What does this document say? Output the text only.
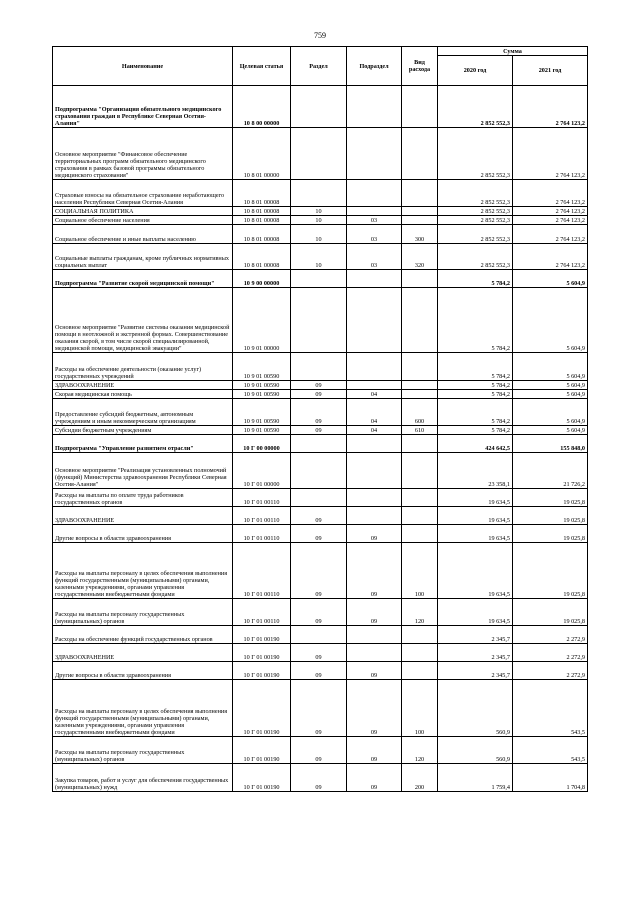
759
Наименование	Целевая статья	Раздел	Подраздел	Вид расхода	Сумма	
					2020 год	2021 год
Подпрограмма "Организация обязательного медицинского страхования граждан в Республике Северная Осетия-Алания"	10 8 00 00000				2 852 552,3	2 764 123,2
Основное мероприятие "Финансовое обеспечение территориальных программ обязательного медицинского страхования в рамках базовой программы обязательного медицинского страхования"	10 8 01 00000				2 852 552,3	2 764 123,2
Страховые взносы на обязательное страхование неработающего населения Республики Северная Осетия-Алания	10 8 01 00008				2 852 552,3	2 764 123,2
СОЦИАЛЬНАЯ ПОЛИТИКА	10 8 01 00008	10			2 852 552,3	2 764 123,2
Социальное обеспечение населения	10 8 01 00008	10	03		2 852 552,3	2 764 123,2
Социальное обеспечение и иные выплаты населению	10 8 01 00008	10	03	300	2 852 552,3	2 764 123,2
Социальные выплаты гражданам, кроме публичных нормативных социальных выплат	10 8 01 00008	10	03	320	2 852 552,3	2 764 123,2
Подпрограмма "Развитие скорой медицинской помощи"	10 9 00 00000				5 784,2	5 604,9
Основное мероприятие "Развитие системы оказания медицинской помощи в неотложной и экстренной формах. Совершенствование оказания скорой, в том числе скорой специализированной, медицинской помощи, медицинской эвакуации"	10 9 01 00000				5 784,2	5 604,9
Расходы на обеспечение деятельности (оказание услуг) государственных учреждений	10 9 01 00590				5 784,2	5 604,9
ЗДРАВООХРАНЕНИЕ	10 9 01 00590	09			5 784,2	5 604,9
Скорая медицинская помощь	10 9 01 00590	09	04		5 784,2	5 604,9
Предоставление субсидий бюджетным, автономным учреждениям и иным некоммерческим организациям	10 9 01 00590	09	04	600	5 784,2	5 604,9
Субсидии бюджетным учреждениям	10 9 01 00590	09	04	610	5 784,2	5 604,9
Подпрограмма "Управление развитием отрасли"	10 Г 00 00000				424 642,5	155 848,0
Основное мероприятие "Реализация установленных полномочий (функций) Министерства здравоохранения Республики Северная Осетия-Алания"	10 Г 01 00000				23 358,1	21 726,2
Расходы на выплаты по оплате труда работников государственных органов	10 Г 01 00110				19 634,5	19 025,8
ЗДРАВООХРАНЕНИЕ	10 Г 01 00110	09			19 634,5	19 025,8
Другие вопросы в области здравоохранения	10 Г 01 00110	09	09		19 634,5	19 025,8
Расходы на выплаты персоналу в целях обеспечения выполнения функций государственными (муниципальными) органами, казенными учреждениями, органами управления государственными внебюджетными фондами	10 Г 01 00110	09	09	100	19 634,5	19 025,8
Расходы на выплаты персоналу государственных (муниципальных) органов	10 Г 01 00110	09	09	120	19 634,5	19 025,8
Расходы на обеспечение функций государственных органов	10 Г 01 00190				2 345,7	2 272,9
ЗДРАВООХРАНЕНИЕ	10 Г 01 00190	09			2 345,7	2 272,9
Другие вопросы в области здравоохранения	10 Г 01 00190	09	09		2 345,7	2 272,9
Расходы на выплаты персоналу в целях обеспечения выполнения функций государственными (муниципальными) органами, казенными учреждениями, органами управления государственными внебюджетными фондами	10 Г 01 00190	09	09	100	560,9	543,5
Расходы на выплаты персоналу государственных (муниципальных) органов	10 Г 01 00190	09	09	120	560,9	543,5
Закупка товаров, работ и услуг для обеспечения государственных (муниципальных) нужд	10 Г 01 00190	09	09	200	1 759,4	1 704,8
